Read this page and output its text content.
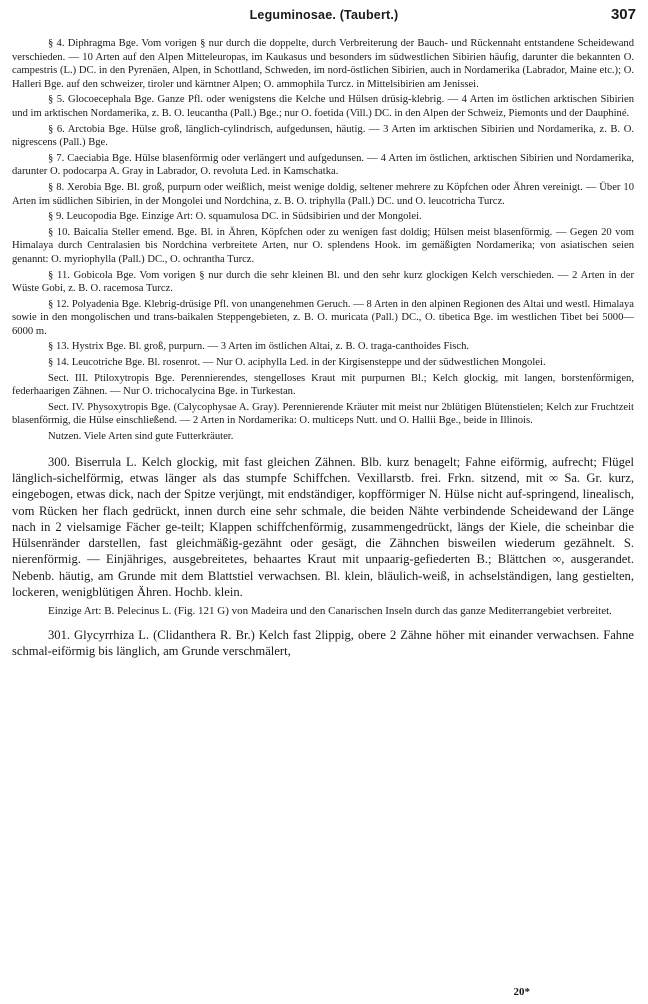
Leguminosae. (Taubert.)	307

§ 4. Diphragma Bge. Vom vorigen § nur durch die doppelte, durch Verbreiterung der Bauch- und Rückennaht entstandene Scheidewand verschieden. — 10 Arten auf den Alpen Mitteleuropas, im Kaukasus und besonders im südwestlichen Sibirien häufig, darunter die bekannten O. campestris (L.) DC. in den Pyrenäen, Alpen, in Schottland, Schweden, im nord-östlichen Sibirien, auch in Nordamerika (Labrador, Maine etc.); O. Halleri Bge. auf den schweizer, tiroler und kärntner Alpen; O. ammophila Turcz. in Mittelsibirien am Jenissei.

§ 5. Glocoecephala Bge. Ganze Pfl. oder wenigstens die Kelche und Hülsen drüsig-klebrig. — 4 Arten im östlichen arktischen Sibirien und im arktischen Nordamerika, z. B. O. leucantha (Pall.) Bge.; nur O. foetida (Vill.) DC. in den Alpen der Schweiz, Piemonts und der Dauphiné.

§ 6. Arctobia Bge. Hülse groß, länglich-cylindrisch, aufgedunsen, häutig. — 3 Arten im arktischen Sibirien und Nordamerika, z. B. O. nigrescens (Pall.) Bge.

§ 7. Caeciabia Bge. Hülse blasenförmig oder verlängert und aufgedunsen. — 4 Arten im östlichen, arktischen Sibirien und Nordamerika, darunter O. podocarpa A. Gray in Labrador, O. revoluta Led. in Kamschatka.

§ 8. Xerobia Bge. Bl. groß, purpurn oder weißlich, meist wenige doldig, seltener mehrere zu Köpfchen oder Ähren vereinigt. — Über 10 Arten im südlichen Sibirien, in der Mongolei und Nordchina, z. B. O. triphylla (Pall.) DC. und O. leucotricha Turcz.

§ 9. Leucopodia Bge. Einzige Art: O. squamulosa DC. in Südsibirien und der Mongolei.

§ 10. Baicalia Steller emend. Bge. Bl. in Ähren, Köpfchen oder zu wenigen fast doldig; Hülsen meist blasenförmig. — Gegen 20 vom Himalaya durch Centralasien bis Nordchina verbreitete Arten, nur O. splendens Hook. im gemäßigten Nordamerika; von asiatischen seien genannt: O. myriophylla (Pall.) DC., O. ochrantha Turcz.

§ 11. Gobicola Bge. Vom vorigen § nur durch die sehr kleinen Bl. und den sehr kurz glockigen Kelch verschieden. — 2 Arten in der Wüste Gobi, z. B. O. racemosa Turcz.

§ 12. Polyadenia Bge. Klebrig-drüsige Pfl. von unangenehmen Geruch. — 8 Arten in den alpinen Regionen des Altai und westl. Himalaya sowie in den mongolischen und trans-baikalen Steppengebieten, z. B. O. muricata (Pall.) DC., O. tibetica Bge. im westlichen Tibet bei 5000—6000 m.

§ 13. Hystrix Bge. Bl. groß, purpurn. — 3 Arten im östlichen Altai, z. B. O. traga-canthoides Fisch.

§ 14. Leucotriche Bge. Bl. rosenrot. — Nur O. aciphylla Led. in der Kirgisensteppe und der südwestlichen Mongolei.

Sect. III. Ptiloxytropis Bge. Perennierendes, stengelloses Kraut mit purpurnen Bl.; Kelch glockig, mit langen, borstenförmigen, federhaarigen Zähnen. — Nur O. trichocalycina Bge. in Turkestan.

Sect. IV. Physoxytropis Bge. (Calycophysae A. Gray). Perennierende Kräuter mit meist nur 2blütigen Blütenstielen; Kelch zur Fruchtzeit blasenförmig, die Hülse einschließend. — 2 Arten in Nordamerika: O. multiceps Nutt. und O. Hallii Bge., beide in Illinois.

Nutzen. Viele Arten sind gute Futterkräuter.

300. Biserrula L. Kelch glockig, mit fast gleichen Zähnen. Blb. kurz benagelt; Fahne eiförmig, aufrecht; Flügel länglich-sichelförmig, etwas länger als das stumpfe Schiffchen. Vexillarstb. frei. Frkn. sitzend, mit ∞ Sa. Gr. kurz, eingebogen, etwas dick, nach der Spitze verjüngt, mit endständiger, kopfförmiger N. Hülse nicht auf-springend, linealisch, vom Rücken her flach gedrückt, innen durch eine sehr schmale, die beiden Nähte verbindende Scheidewand der Länge nach in 2 vielsamige Fächer ge-teilt; Klappen schiffchenförmig, zusammengedrückt, längs der Kiele, die scheinbar die Hülsenränder darstellen, fast gleichmäßig-gezähnt oder gesägt, die Zähnchen bisweilen wiederum gezähnelt. S. nierenförmig. — Einjähriges, ausgebreitetes, behaartes Kraut mit unpaarig-gefiederten B.; Blättchen ∞, ausgerandet. Nebenb. häutig, am Grunde mit dem Blattstiel verwachsen. Bl. klein, bläulich-weiß, in achselständigen, lang gestielten, lockeren, wenigblütigen Ähren. Hochb. klein.

Einzige Art: B. Pelecinus L. (Fig. 121 G) von Madeira und den Canarischen Inseln durch das ganze Mediterrangebiet verbreitet.

301. Glycyrrhiza L. (Clidanthera R. Br.) Kelch fast 2lippig, obere 2 Zähne höher mit einander verwachsen. Fahne schmal-eiförmig bis länglich, am Grunde verschmälert,

20*
